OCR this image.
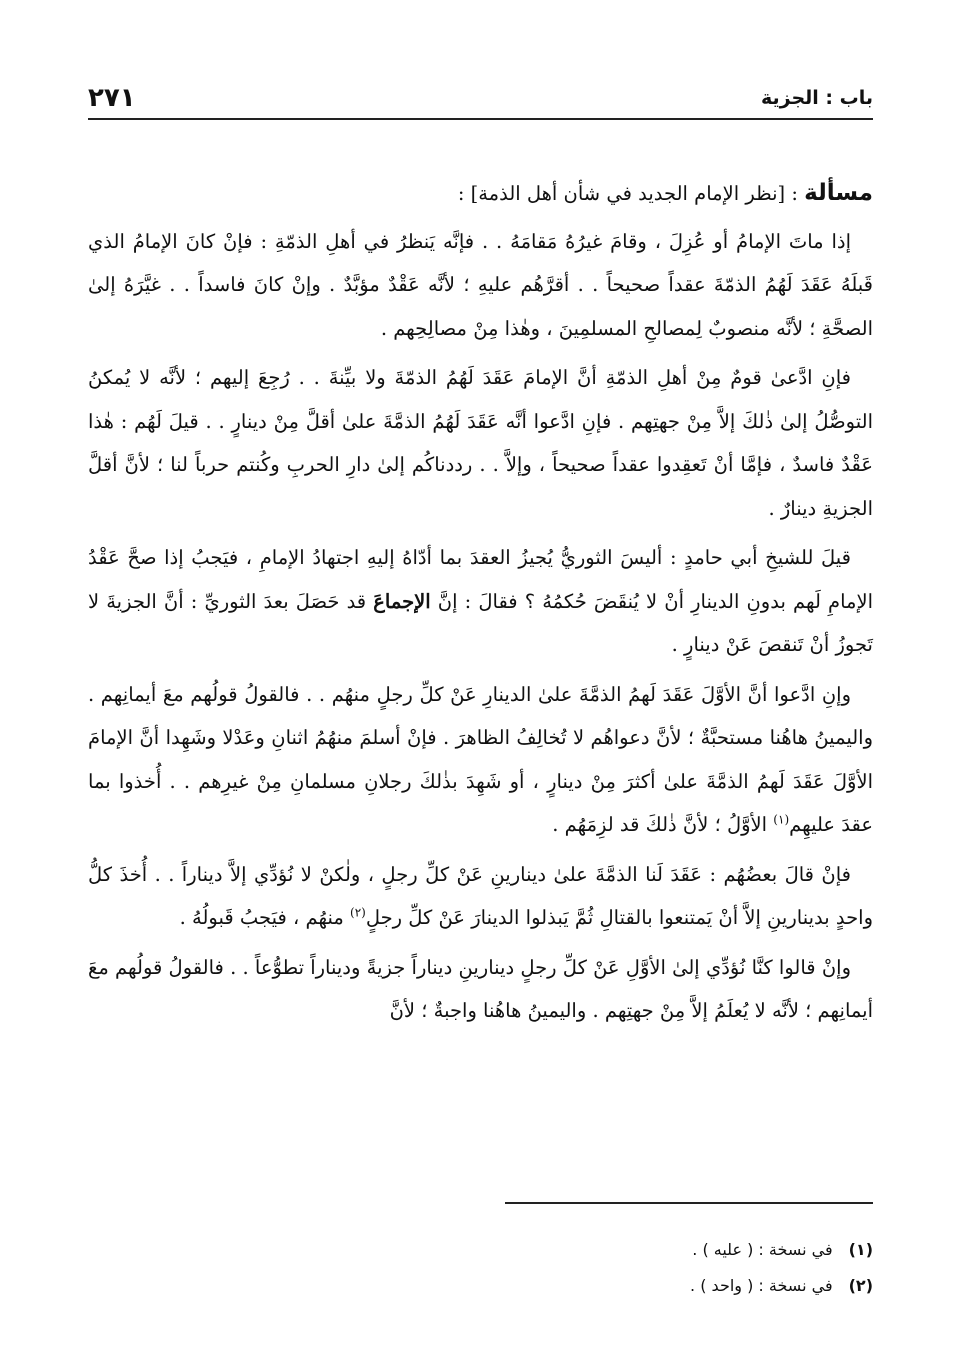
٢٧١	باب : الجزية

مسألة : [نظر الإمام الجديد في شأن أهل الذمة] :

إذا ماتَ الإمامُ أو عُزِلَ ، وقامَ غيرُهُ مَقامَهُ . . فإنَّه يَنظرُ في أهلِ الذمّةِ : فإنْ كانَ الإمامُ الذي قَبلَهُ عَقَدَ لَهُمُ الذمّةَ عقداً صحيحاً . . أقرَّهُم عليهِ ؛ لأنَّه عَقْدٌ مؤبَّدٌ . وإنْ كانَ فاسداً . . غيَّرَهُ إلىٰ الصحَّةِ ؛ لأنَّه منصوبٌ لِمصالحِ المسلمِينَ ، وهٰذا مِنْ مصالِحِهم .

فإنِ ادَّعىٰ قومٌ مِنْ أهلِ الذمّةِ أنَّ الإمامَ عَقَدَ لَهُمُ الذمّةَ ولا بيِّنةَ . . رُجِعَ إليهم ؛ لأنَّه لا يُمكنُ التوصُّلُ إلىٰ ذٰلكَ إلاَّ مِنْ جهتِهم . فإنِ ادَّعوا أنَّه عَقَدَ لَهُمُ الذمَّةَ علىٰ أقلَّ مِنْ دينارٍ . . قيلَ لَهُم : هٰذا عَقْدٌ فاسدٌ ، فإمَّا أنْ تَعقِدوا عقداً صحيحاً ، وإلاَّ . . رددناكُم إلىٰ دارِ الحربِ وكُنتم حرباً لنا ؛ لأنَّ أقلَّ الجزيةِ دينارٌ .

قيلَ للشيخِ أبي حامدٍ : أليسَ الثوريُّ يُجيزُ العقدَ بما أدّاهُ إليهِ اجتهادُ الإمامِ ، فيَجبُ إذا صحَّ عَقْدُ الإمامِ لَهم بدونِ الدينارِ أنْ لا يُنقَضَ حُكمُهُ ؟ فقالَ : إنَّ الإجماعَ قد حَصَلَ بعدَ الثوريِّ : أنَّ الجزيةَ لا تَجوزُ أنْ تَنقصَ عَنْ دينارٍ .

وإنِ ادَّعوا أنَّ الأوَّلَ عَقَدَ لَهمُ الذمَّةَ علىٰ الدينارِ عَنْ كلِّ رجلٍ منهُم . . فالقولُ قولُهم معَ أيمانِهم . واليمينُ هاهُنا مستحبَّةٌ ؛ لأنَّ دعواهُم لا تُخالِفُ الظاهرَ . فإنْ أسلمَ منهُمُ اثنانِ وعَدْلا وشَهِدا أنَّ الإمامَ الأوَّلَ عَقَدَ لَهمُ الذمَّةَ علىٰ أكثرَ مِنْ دينارٍ ، أو شَهِدَ بذٰلكَ رجلانِ مسلمانِ مِنْ غيرِهم . . أُخذوا بما عقدَ عليهِم$^{(١)}$ الأوَّلُ ؛ لأنَّ ذٰلكَ قد لزِمَهُم .

فإنْ قالَ بعضُهُم : عَقَدَ لَنا الذمَّةَ علىٰ دينارينِ عَنْ كلِّ رجلٍ ، ولٰكنْ لا نُؤدِّي إلاَّ ديناراً . . أُخذَ كلُّ واحدٍ بدينارينِ إلاَّ أنْ يَمتنعوا بالقتالِ ثُمَّ يَبذلوا الدينارَ عَنْ كلِّ رجلٍ$^{(٢)}$ منهُم ، فيَجبُ قَبولُهُ .

وإنْ قالوا كنَّا نُؤدِّي إلىٰ الأوَّلِ عَنْ كلِّ رجلٍ دينارينِ ديناراً جزيةً وديناراً تطوُّعاً . . فالقولُ قولُهم معَ أيمانِهم ؛ لأنَّه لا يُعلَمُ إلاَّ مِنْ جهتِهم . واليمينُ هاهُنا واجبةٌ ؛ لأنَّ

(١)
في نسخة : ( عليه ) .
(٢)
في نسخة : ( واحد ) .
